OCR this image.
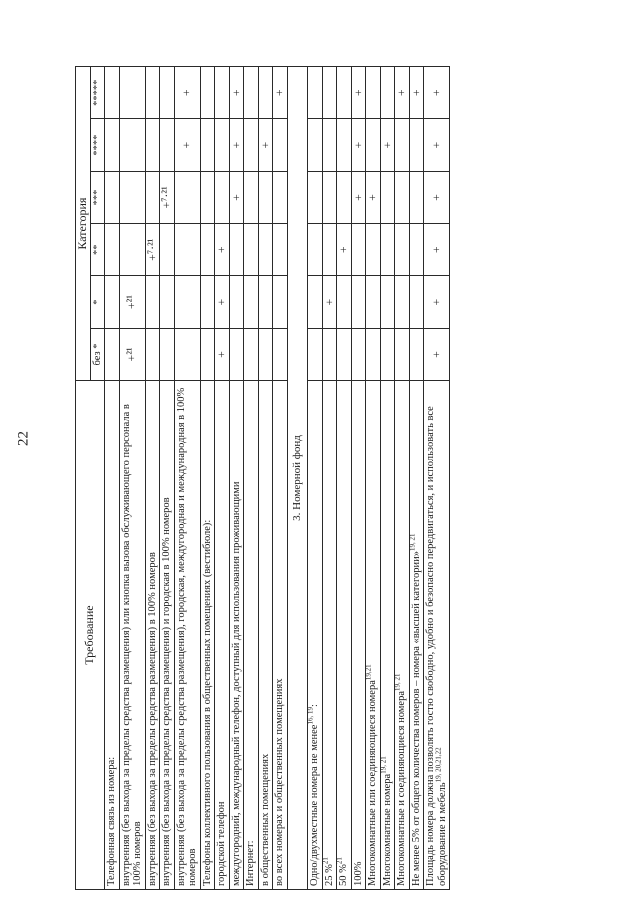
22
Требование	Категория					
	без *	*	**	***	****	*****
Телефонная связь из номера:						
внутренняя (без выхода за пределы средства размещения) или кнопка вызова обслуживающего персонала в 100% номеров	+²¹	+²¹				
внутренняя (без выхода за пределы средства размещения) в 100% номеров			+⁷·²¹			
внутренняя (без выхода за пределы средства размещения) и городская в 100% номеров				+⁷·²¹		
внутренняя (без выхода за пределы средства размещения), городская, междугородная и международная в 100% номеров					+	+
Телефоны коллективного пользования в общественных помещениях (вестибюле):						
городской телефон	+	+	+			
междугородний, международный телефон, доступный для использования проживающими				+	+	+
Интернет:						
в общественных помещениях					+	
во всех номерах и общественных помещениях						+
3. Номерной фонд						
Одно/двухместные номера не менее$^{16, 19}$:						
25 %$^{21}$		+				
50 %$^{21}$			+			
100%				+	+	+
Многокомнатные или соединяющиеся номера$^{19,21}$				+		
Многокомнатные номера$^{19, 21}$					+	
Многокомнатные и соединяющиеся номера$^{19, 21}$						+
Не менее 5% от общего количества номеров – номера «высшей категории»$^{19, 21}$						+
Площадь номера должна позволять гостю свободно, удобно и безопасно передвигаться, и использовать все оборудование и мебель$^{19, 20,21,22}$	+	+	+	+	+	+
